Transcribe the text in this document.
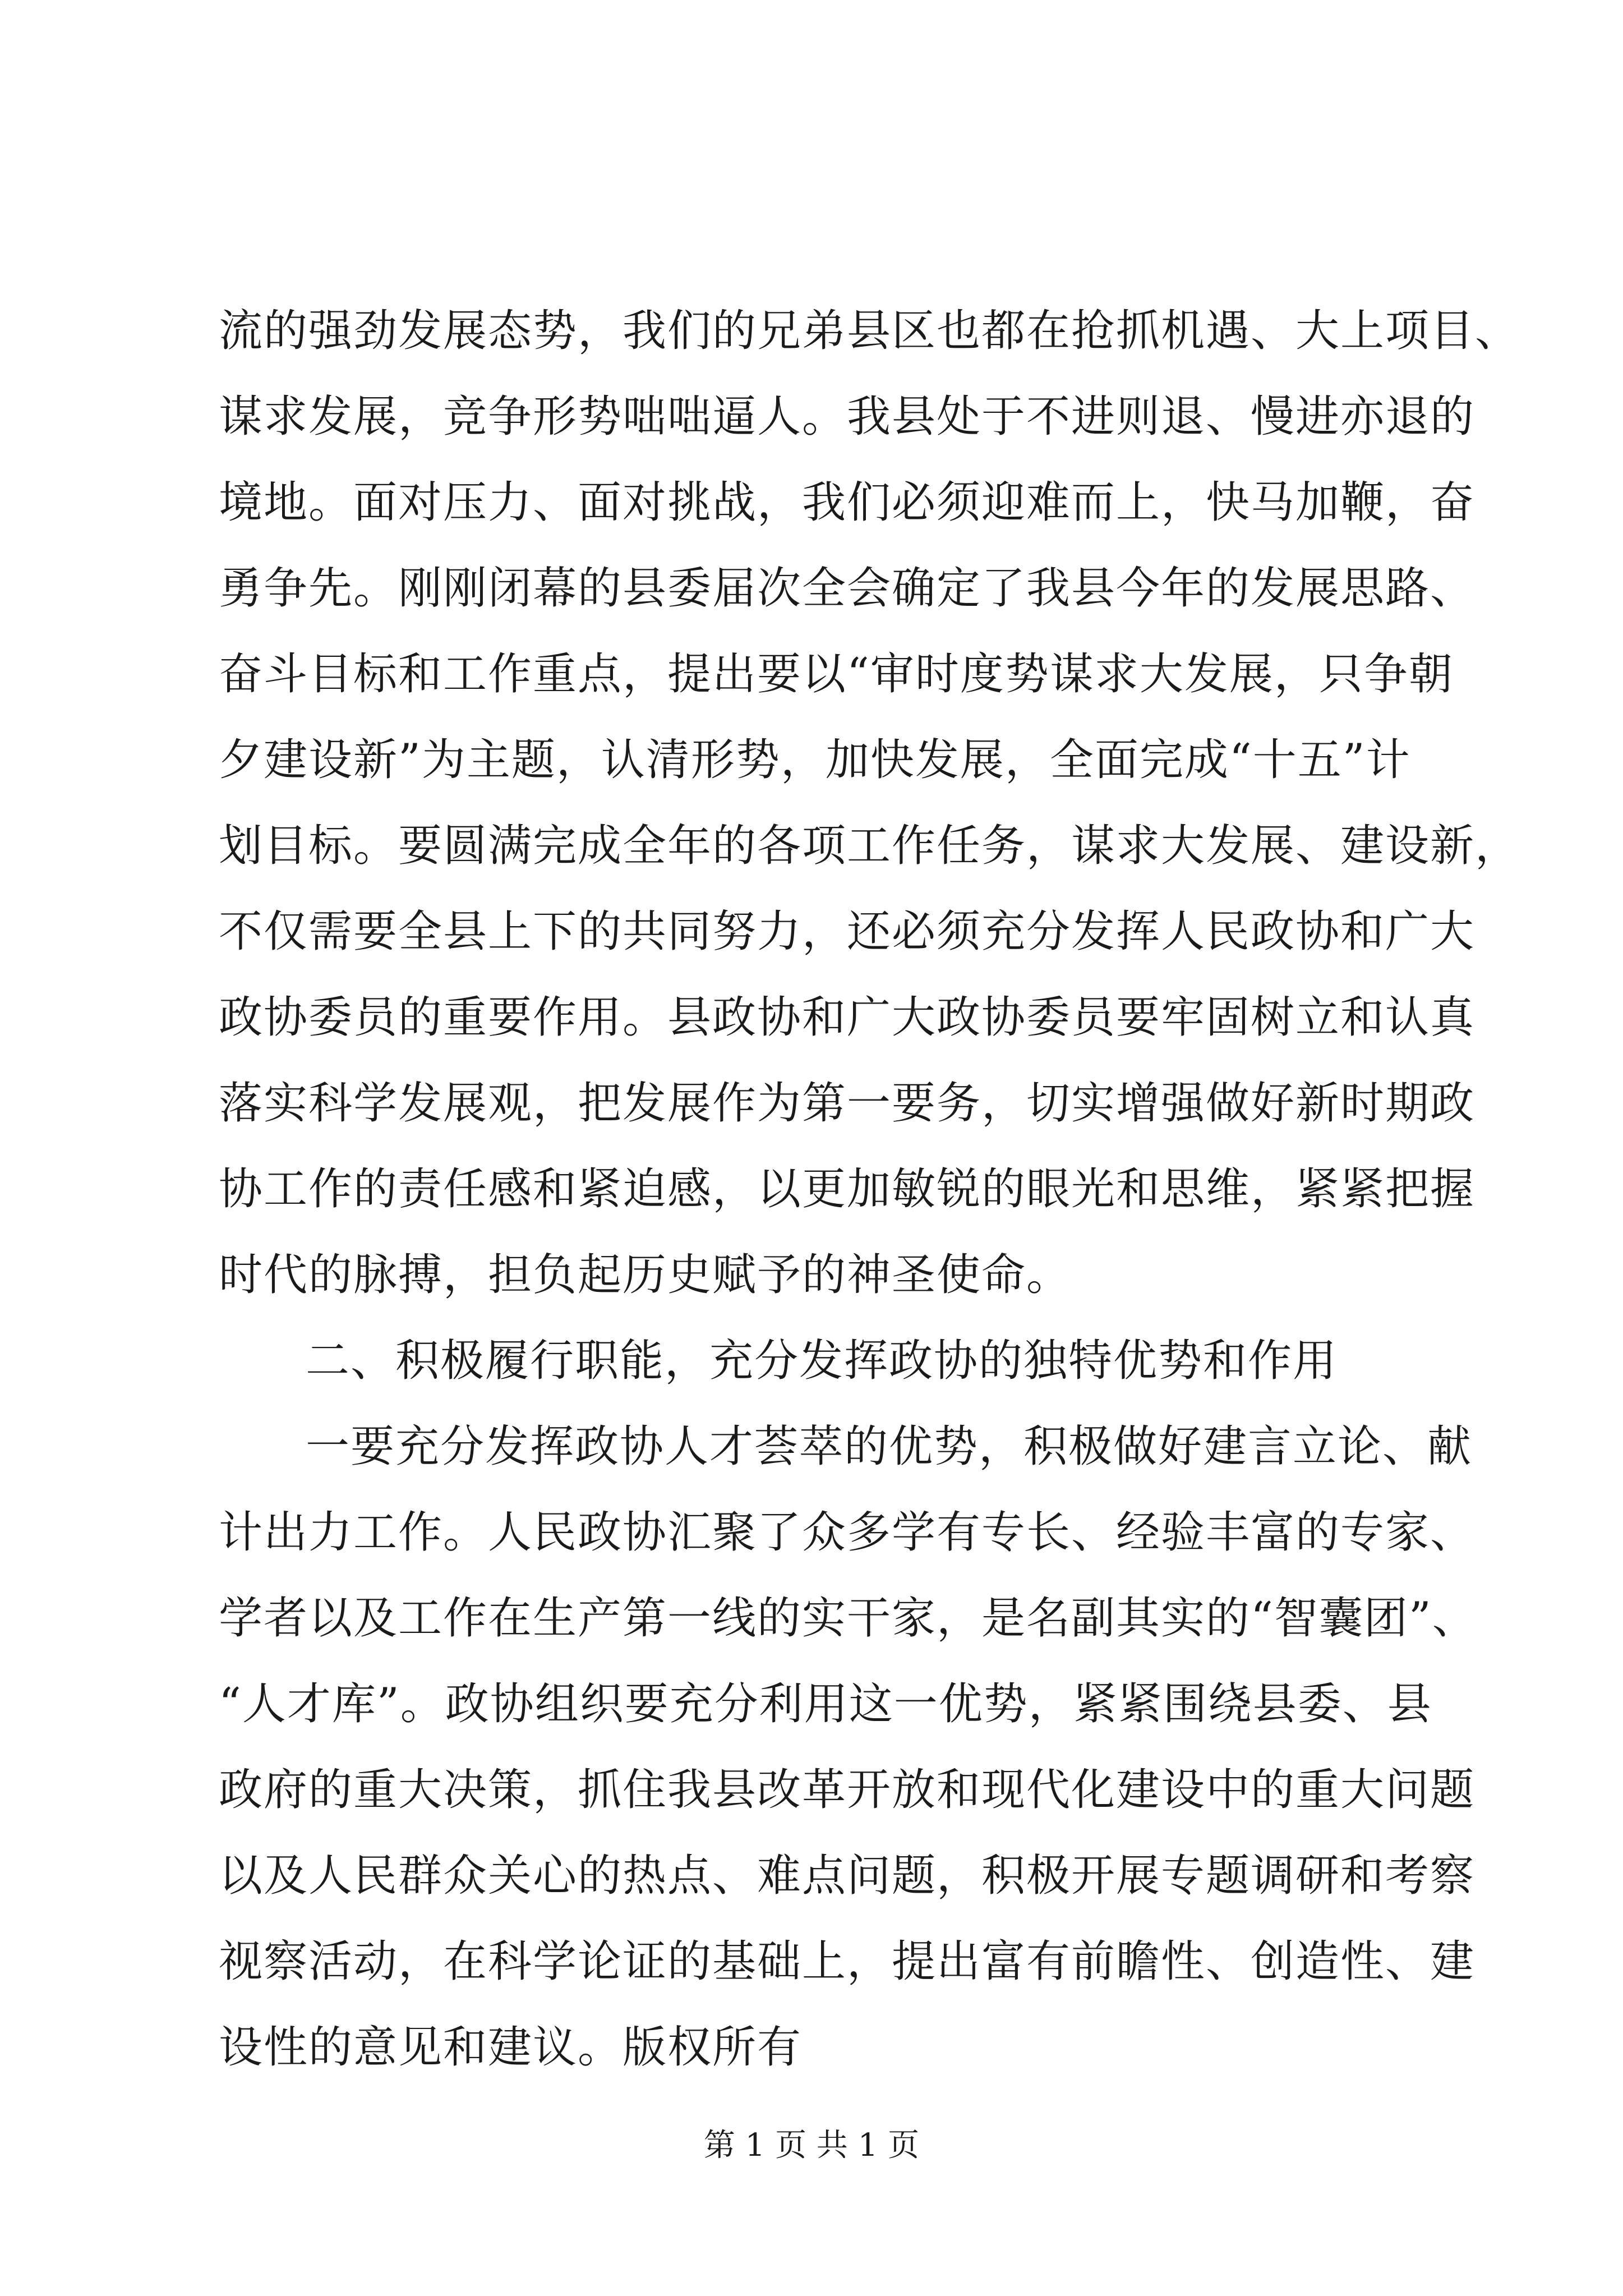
流的强劲发展态势，我们的兄弟县区也都在抢抓机遇、大上项目、
谋求发展，竞争形势咄咄逼人。我县处于不进则退、慢进亦退的
境地。面对压力、面对挑战，我们必须迎难而上，快马加鞭，奋
勇争先。刚刚闭幕的县委届次全会确定了我县今年的发展思路、
奋斗目标和工作重点，提出要以“审时度势谋求大发展，只争朝
夕建设新”为主题，认清形势，加快发展，全面完成“十五”计
划目标。要圆满完成全年的各项工作任务，谋求大发展、建设新，
不仅需要全县上下的共同努力，还必须充分发挥人民政协和广大
政协委员的重要作用。县政协和广大政协委员要牢固树立和认真
落实科学发展观，把发展作为第一要务，切实增强做好新时期政
协工作的责任感和紧迫感，以更加敏锐的眼光和思维，紧紧把握
时代的脉搏，担负起历史赋予的神圣使命。
二、积极履行职能，充分发挥政协的独特优势和作用
一要充分发挥政协人才荟萃的优势，积极做好建言立论、献
计出力工作。人民政协汇聚了众多学有专长、经验丰富的专家、
学者以及工作在生产第一线的实干家，是名副其实的“智囊团”、
“人才库”。政协组织要充分利用这一优势，紧紧围绕县委、县
政府的重大决策，抓住我县改革开放和现代化建设中的重大问题
以及人民群众关心的热点、难点问题，积极开展专题调研和考察
视察活动，在科学论证的基础上，提出富有前瞻性、创造性、建
设性的意见和建议。版权所有
第 1 页 共 1 页
